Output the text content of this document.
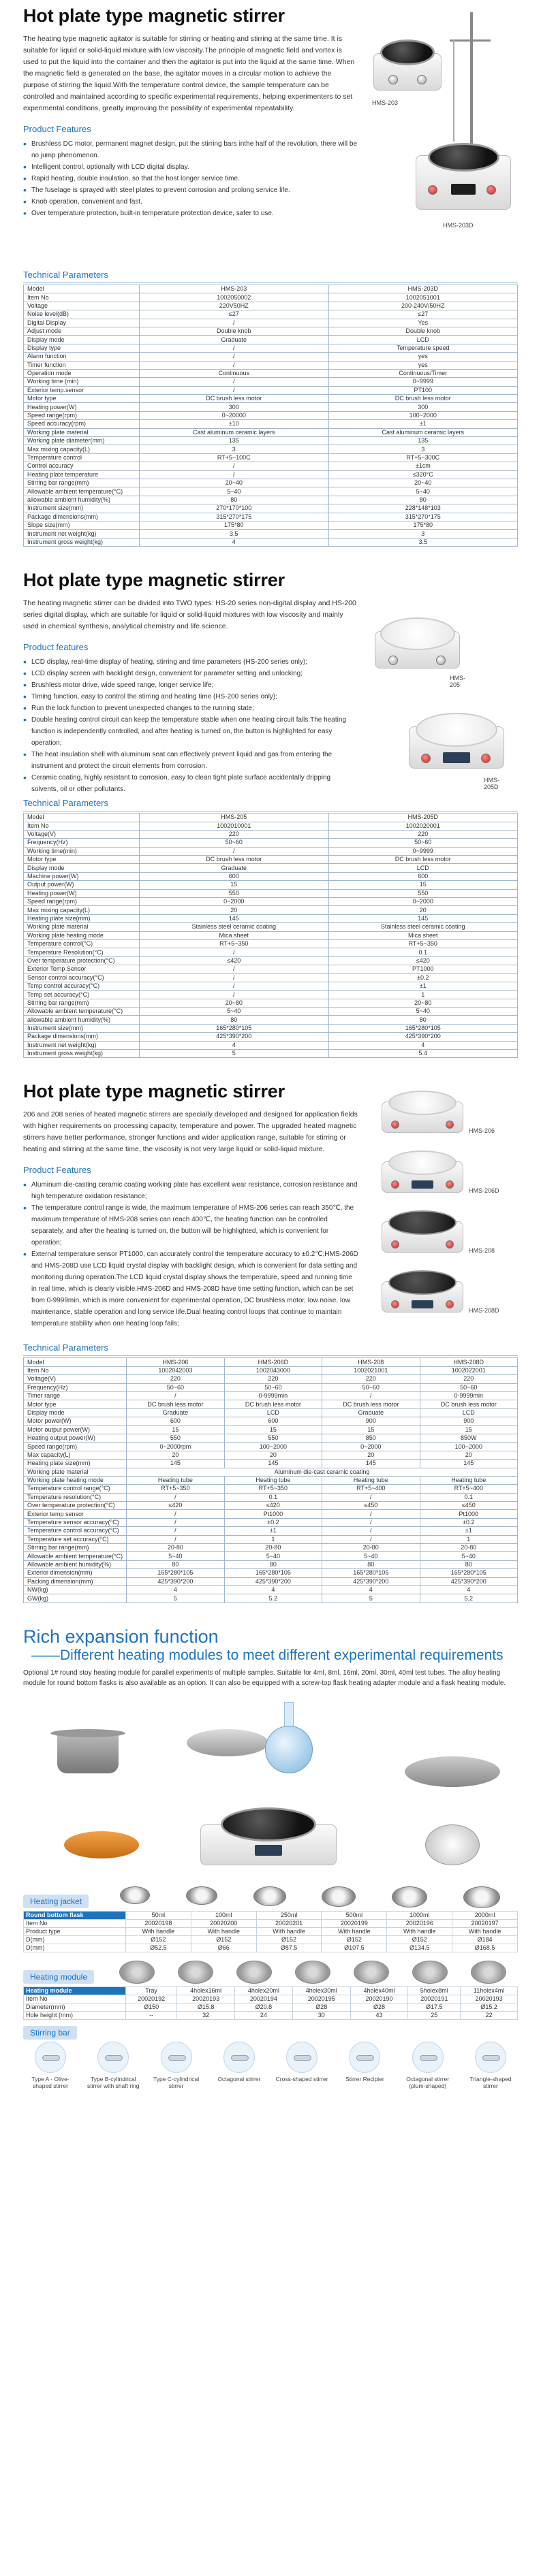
Hot plate type magnetic stirrer

The heating type magnetic agitator is suitable for stirring or heating and stirring at the same time. It is suitable for liquid or solid-liquid mixture with low viscosity.The principle of magnetic field and vortex is used to put the liquid into the container and then the agitator is put into the liquid at the same time. When the magnetic field is generated on the base, the agitator moves in a circular motion to achieve the purpose of stirring the liquid.With the temperature control device, the sample temperature can be controlled and maintained according to specific experimental requirements, helping experimenters to set experimental conditions, greatly improving the possibility of experimental repeatability.

Product Features
• Brushless DC motor, permanent magnet design, put the stirring bars inthe half of the revolution, there will be no jump phenomenon.
• Intelligent control, optionally with LCD digital display.
• Rapid heating, double insulation, so that the host longer service time.
• The fuselage is sprayed with steel plates to prevent corrosion and prolong service life.
• Knob operation, convenient and fast.
• Over temperature protection, built-in temperature protection device, safer to use.
HMS-203
HMS-203D
Technical Parameters
Model	HMS-203	HMS-203D
Item No	1002050002	1002051001
Voltage	220V50HZ	200-240V/50HZ
Noise level(dB)	≤27	≤27
Digital Display	/	Yes
Adjust mode	Double knob	Double knob
Display mode	Graduate	LCD
Display type	/	Temperature speed
Alarm function	/	yes
Timer function	/	yes
Operation mode	Continuous	Continuous/Timer
Working time (min)	/	0~9999
Exterior temp.sensor	/	PT100
Motor type	DC brush less motor	DC brush less motor
Heating power(W)	300	300
Speed range(rpm)	0~20000	100~2000
Speed accuracy(rpm)	±10	±1
Working plate material	Cast aluminum ceramic layers	Cast aluminum ceramic layers
Working plate diameter(mm)	135	135
Max mixing capacity(L)	3	3
Temperature control	RT+5~100C	RT+5~300C
Control accuracy	/	±1cm
Heating plate temperature	/	≤320°C
Stirring bar range(mm)	20~40	20~40
Allowable ambient temperature(°C)	5~40	5~40
allowable ambient humidity(%)	80	80
Instrument size(mm)	270*170*100	228*148*103
Package dimensions(mm)	315*270*175	315*270*175
Slope size(mm)	175*80	175*80
Instrument net weight(kg)	3.5	3
Instrument gross weight(kg)	4	3.5
Hot plate type magnetic stirrer

The heating magnetic stirrer can be divided into TWO types: HS-20 series non-digital display and HS-200 series digital display, which are suitable for liquid or solid-liquid mixtures with low viscosity and mainly used in chemical synthesis, analytical chemistry and life science.

Product features
• LCD display, real-time display of heating, stirring and time parameters (HS-200 series only);
• LCD display screen with backlight design, convenient for parameter setting and unlocking;
• Brushless motor drive, wide speed range, longer service life;
• Timing function, easy to control the stirring and heating time (HS-200 series only);
• Run the lock function to prevent unexpected changes to the running state;
• Double heating control circuit can keep the temperature stable when one heating circuit fails.The heating function is independently controlled, and after heating is turned on, the button is highlighted for easy operation;
• The heat insulation shell with aluminum seat can effectively prevent liquid and gas from entering the instrument and protect the circuit elements from corrosion.
• Ceramic coating, highly resistant to corrosion, easy to clean tight plate surface accidentally dripping solvents, oil or other pollutants.
HMS-205
HMS-205D
Technical Parameters
Model	HMS-205	HMS-205D
Item No	1002010001	1002020001
Voltage(V)	220	220
Frequency(Hz)	50~60	50~60
Working time(min)	/	0~9999
Motor type	DC brush less motor	DC brush less motor
Display mode	Graduate	LCD
Machine power(W)	600	600
Output power(W)	15	15
Heating power(W)	550	550
Speed range(rpm)	0~2000	0~2000
Max mixing capacity(L)	20	20
Heating plate size(mm)	145	145
Working plate material	Stainless steel ceramic coating	Stainless steel ceramic coating
Working plate heating mode	Mica sheet	Mica sheet
Temperature control(°C)	RT+5~350	RT+5~350
Temperature Resolution(°C)	/	0.1
Over temperature protection(°C)	≤420	≤420
Exterior Temp Sensor	/	PT1000
Sensor control accuracy(°C)	/	±0.2
Temp control accuracy(°C)	/	±1
Temp set accuracy(°C)	/	1
Stirring bar range(mm)	20~80	20~80
Allowable ambient temperature(°C)	5~40	5~40
allowable ambient humidity(%)	80	80
Instrument size(mm)	165*280*105	165*280*105
Package dimensions(mm)	425*390*200	425*390*200
Instrument net weight(kg)	4	4
Instrument gross weight(kg)	5	5.4
Hot plate type magnetic stirrer

206 and 208 series of heated magnetic stirrers are specially developed and designed for application fields with higher requirements on processing capacity, temperature and power. The upgraded heated magnetic stirrers have better performance, stronger functions and wider application range, suitable for stirring or heating and stirring at the same time, the viscosity is not very large liquid or solid-liquid mixture.

Product Features
• Aluminum die-casting ceramic coating working plate has excellent wear resistance, corrosion resistance and high temperature oxidation resistance;
• The temperature control range is wide, the maximum temperature of HMS-206 series can reach 350℃, the maximum temperature of HMS-208 series can reach 400℃, the heating function can be controlled separately, and after the heating is turned on, the button will be highlighted, which is convenient for operation;
• External temperature sensor PT1000, can accurately control the temperature accuracy to ±0.2℃;HMS-206D and HMS-208D use LCD liquid crystal display with backlight design, which is convenient for data setting and monitoring during operation.The LCD liquid crystal display shows the temperature, speed and running time in real time, which is clearly visible.HMS-206D and HMS-208D have time setting function, which can be set from 0-9999min, which is more convenient for experimental operation, DC brushless motor, low noise, low maintenance, stable operation and long service life.Dual heating control loops that continue to maintain temperature stability when one heating loop fails;
HMS-206
HMS-206D
HMS-208
HMS-208D
Technical Parameters
Model	HMS-206	HMS-206D	HMS-208	HMS-208D
Item No	1002042003	1002043000	1002021001	1002022001
Voltage(V)	220	220	220	220
Frequency(Hz)	50~60	50~60	50~60	50~60
Timer range	/	0-9999min	/	0-9999min
Motor type	DC brush less motor	DC brush less motor	DC brush less motor	DC brush less motor
Display mode	Graduate	LCD	Graduate	LCD
Motor power(W)	600	600	900	900
Motor output power(W)	15	15	15	15
Heating output power(W)	550	550	850	850W
Speed range(rpm)	0~2000rpm	100~2000	0~2000	100~2000
Max capacity(L)	20	20	20	20
Heating plate size(mm)	145	145	145	145
Working plate material	Aluminum die-cast ceramic coating			
Working plate heating mode	Heating tube	Heating tube	Heating tube	Heating tube
Temperature control range(°C)	RT+5~350	RT+5~350	RT+5~400	RT+5~400
Temperature resolution(°C)	/	0.1	/	0.1
Over temperature protection(°C)	≤420	≤420	≤450	≤450
Exterior temp sensor	/	Pt1000	/	Pt1000
Temperature sensor accuracy(°C)	/	±0.2	/	±0.2
Temperature control accuracy(°C)	/	±1	/	±1
Temperature set accuracy(°C)	/	1	/	1
Stirring bar range(mm)	20-80	20-80	20-80	20-80
Allowable ambient temperature(°C)	5~40	5~40	5~40	5~40
Allowable ambient humidity(%)	80	80	80	80
Exterior dimension(mm)	165*280*105	165*280*105	165*280*105	165*280*105
Packing dimension(mm)	425*390*200	425*390*200	425*390*200	425*390*200
NW(kg)	4	4	4	4
GW(kg)	5	5.2	5	5.2
Rich expansion function
——Different heating modules to meet different experimental requirements

Optional 1# round stoy heating module for parallel experiments of multiple samples. Suitable for 4ml, 8ml, 16ml, 20ml, 30ml, 40ml test tubes. The alloy heating module for round bottom flasks is also available as an option. It can also be equipped with a screw-top flask heating adapter module and a flask heating module.

Heating jacket
Round bottom flask	50ml	100ml	250ml	500ml	1000ml	2000ml
Item No	20020198	20020200	20020201	20020199	20020196	20020197
Product type	With handle	With handle	With handle	With handle	With handle	With handle
D(mm)	Ø152	Ø152	Ø152	Ø152	Ø152	Ø184
D(mm)	Ø52.5	Ø66	Ø87.5	Ø107.5	Ø134.5	Ø168.5
Heating module
Heating module	Tray	4holex16ml	4holex20ml	4holex30ml	4holex40ml	5holex8ml	11holex4ml
Item No	20020192	20020193	20020194	20020195	20020190	20020191	20020193
Diameter(mm)	Ø150	Ø15.8	Ø20.8	Ø28	Ø28	Ø17.5	Ø15.2
Hole height (mm)	--	32	24	30	43	25	22
Stirring bar
Type A - Olive-shaped stirrer
Type B-cylindrical stirrer with shaft ring
Type C-cylindrical stirrer
Octagonal stirrer	Cross-shaped stirrer	Stirrer Recipier	Octagonal stirrer (plum-shaped)
Triangle-shaped stirrer
